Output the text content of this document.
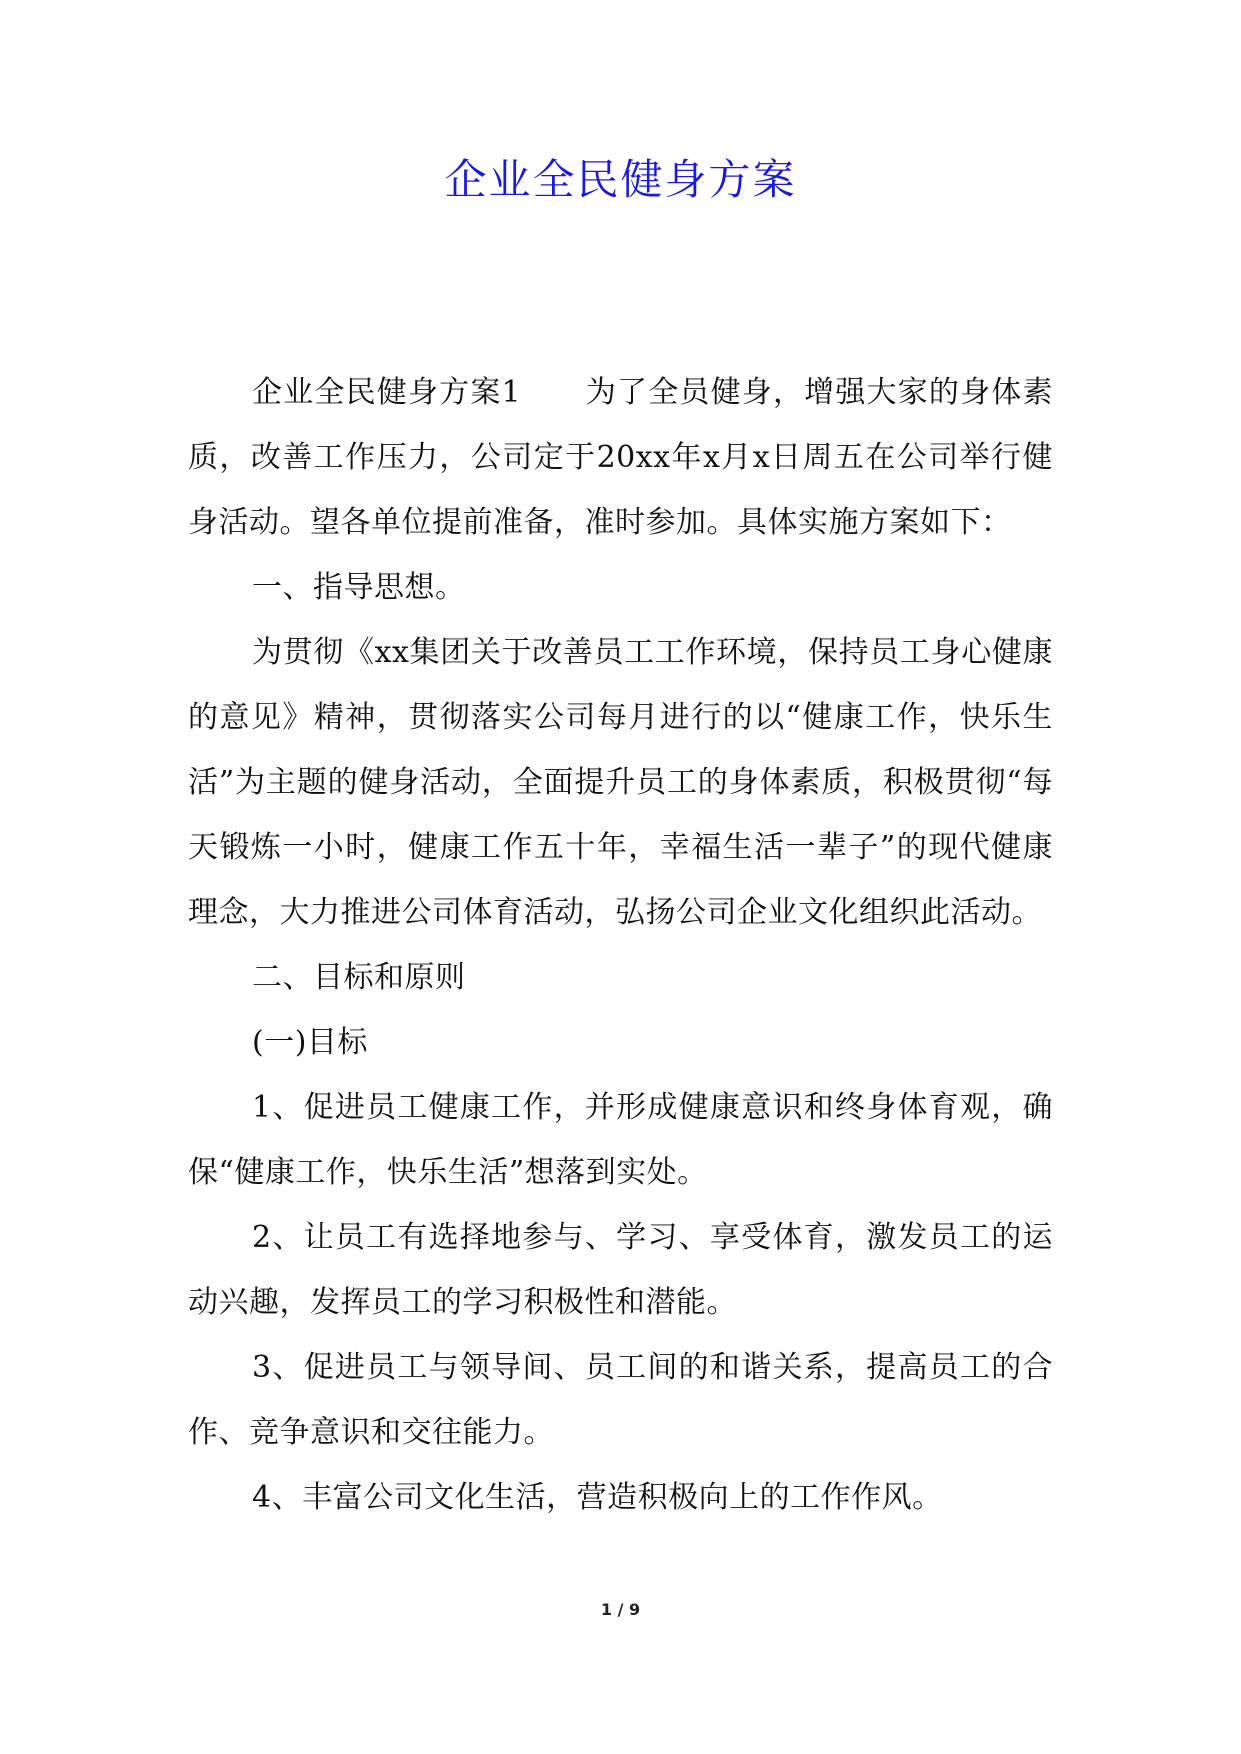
企业全民健身方案

企业全民健身方案1 为了全员健身，增强大家的身体素质，改善工作压力，公司定于20xx年x月x日周五在公司举行健身活动。望各单位提前准备，准时参加。具体实施方案如下：

一、指导思想。

为贯彻《xx集团关于改善员工工作环境，保持员工身心健康的意见》精神，贯彻落实公司每月进行的以“健康工作，快乐生活”为主题的健身活动，全面提升员工的身体素质，积极贯彻“每天锻炼一小时，健康工作五十年，幸福生活一辈子”的现代健康理念，大力推进公司体育活动，弘扬公司企业文化组织此活动。

二、目标和原则

(一)目标

1、促进员工健康工作，并形成健康意识和终身体育观，确保“健康工作，快乐生活”想落到实处。

2、让员工有选择地参与、学习、享受体育，激发员工的运动兴趣，发挥员工的学习积极性和潜能。

3、促进员工与领导间、员工间的和谐关系，提高员工的合作、竞争意识和交往能力。

4、丰富公司文化生活，营造积极向上的工作作风。

1 / 9
